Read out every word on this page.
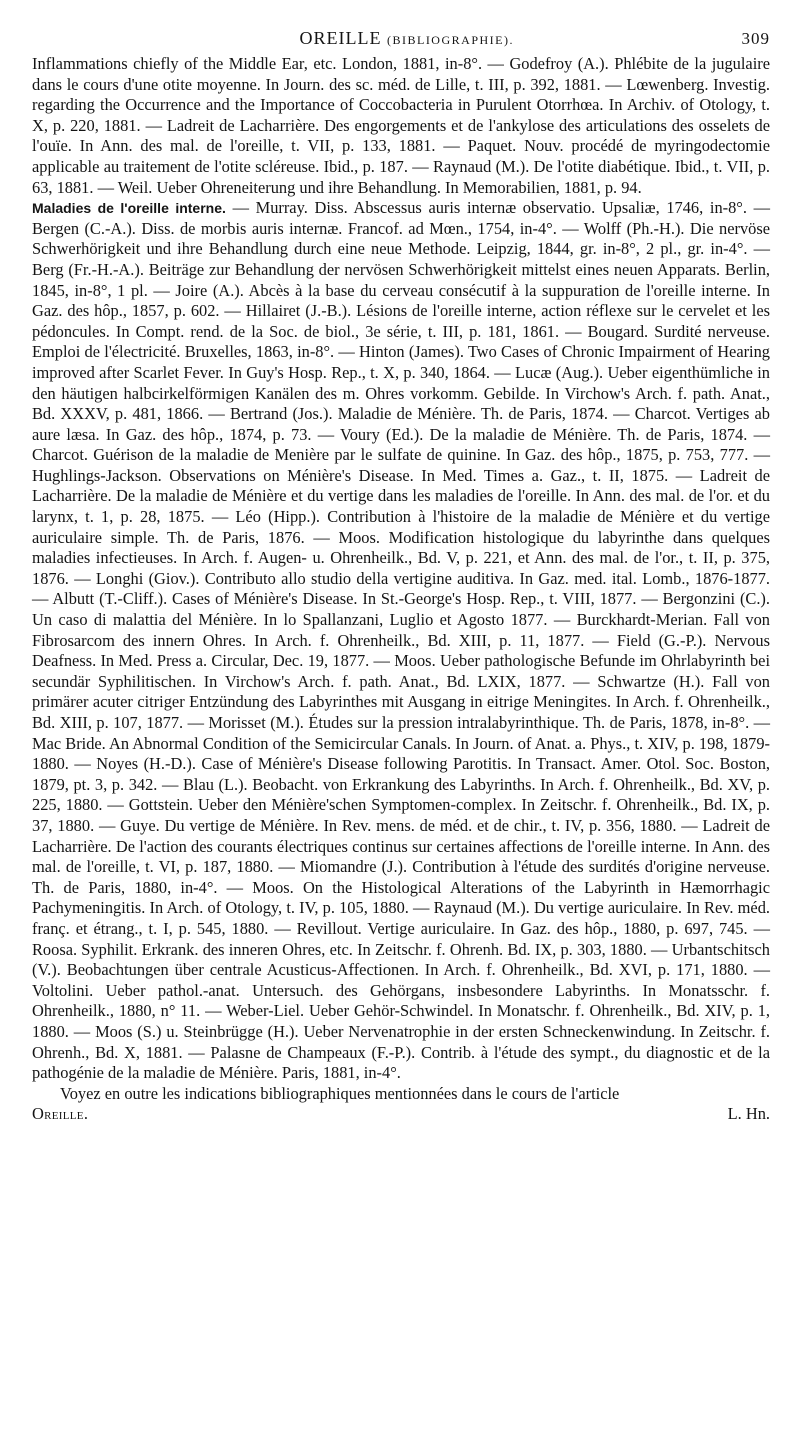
OREILLE (BIBLIOGRAPHIE).	309

Inflammations chiefly of the Middle Ear, etc. London, 1881, in-8°. — Godefroy (A.). Phlébite de la jugulaire dans le cours d'une otite moyenne. In Journ. des sc. méd. de Lille, t. III, p. 392, 1881. — Lœwenberg. Investig. regarding the Occurrence and the Importance of Coccobacteria in Purulent Otorrhœa. In Archiv. of Otology, t. X, p. 220, 1881. — Ladreit de Lacharrière. Des engorgements et de l'ankylose des articulations des osselets de l'ouïe. In Ann. des mal. de l'oreille, t. VII, p. 133, 1881. — Paquet. Nouv. procédé de myringodectomie applicable au traitement de l'otite scléreuse. Ibid., p. 187. — Raynaud (M.). De l'otite diabétique. Ibid., t. VII, p. 63, 1881. — Weil. Ueber Ohreneiterung und ihre Behandlung. In Memorabilien, 1881, p. 94.

Maladies de l'oreille interne. — Murray. Diss. Abscessus auris internæ observatio. Upsaliæ, 1746, in-8°. — Bergen (C.-A.). Diss. de morbis auris internæ. Francof. ad Mœn., 1754, in-4°. — Wolff (Ph.-H.). Die nervöse Schwerhörigkeit und ihre Behandlung durch eine neue Methode. Leipzig, 1844, gr. in-8°, 2 pl., gr. in-4°. — Berg (Fr.-H.-A.). Beiträge zur Behandlung der nervösen Schwerhörigkeit mittelst eines neuen Apparats. Berlin, 1845, in-8°, 1 pl. — Joire (A.). Abcès à la base du cerveau consécutif à la suppuration de l'oreille interne. In Gaz. des hôp., 1857, p. 602. — Hillairet (J.-B.). Lésions de l'oreille interne, action réflexe sur le cervelet et les pédoncules. In Compt. rend. de la Soc. de biol., 3e série, t. III, p. 181, 1861. — Bougard. Surdité nerveuse. Emploi de l'électricité. Bruxelles, 1863, in-8°. — Hinton (James). Two Cases of Chronic Impairment of Hearing improved after Scarlet Fever. In Guy's Hosp. Rep., t. X, p. 340, 1864. — Lucæ (Aug.). Ueber eigenthümliche in den häutigen halbcirkelförmigen Kanälen des m. Ohres vorkomm. Gebilde. In Virchow's Arch. f. path. Anat., Bd. XXXV, p. 481, 1866. — Bertrand (Jos.). Maladie de Ménière. Th. de Paris, 1874. — Charcot. Vertiges ab aure læsa. In Gaz. des hôp., 1874, p. 73. — Voury (Ed.). De la maladie de Ménière. Th. de Paris, 1874. — Charcot. Guérison de la maladie de Menière par le sulfate de quinine. In Gaz. des hôp., 1875, p. 753, 777. — Hughlings-Jackson. Observations on Ménière's Disease. In Med. Times a. Gaz., t. II, 1875. — Ladreit de Lacharrière. De la maladie de Ménière et du vertige dans les maladies de l'oreille. In Ann. des mal. de l'or. et du larynx, t. 1, p. 28, 1875. — Léo (Hipp.). Contribution à l'histoire de la maladie de Ménière et du vertige auriculaire simple. Th. de Paris, 1876. — Moos. Modification histologique du labyrinthe dans quelques maladies infectieuses. In Arch. f. Augen- u. Ohrenheilk., Bd. V, p. 221, et Ann. des mal. de l'or., t. II, p. 375, 1876. — Longhi (Giov.). Contributo allo studio della vertigine auditiva. In Gaz. med. ital. Lomb., 1876-1877. — Albutt (T.-Cliff.). Cases of Ménière's Disease. In St.-George's Hosp. Rep., t. VIII, 1877. — Bergonzini (C.). Un caso di malattia del Ménière. In lo Spallanzani, Luglio et Agosto 1877. — Burckhardt-Merian. Fall von Fibrosarcom des innern Ohres. In Arch. f. Ohrenheilk., Bd. XIII, p. 11, 1877. — Field (G.-P.). Nervous Deafness. In Med. Press a. Circular, Dec. 19, 1877. — Moos. Ueber pathologische Befunde im Ohrlabyrinth bei secundär Syphilitischen. In Virchow's Arch. f. path. Anat., Bd. LXIX, 1877. — Schwartze (H.). Fall von primärer acuter citriger Entzündung des Labyrinthes mit Ausgang in eitrige Meningites. In Arch. f. Ohrenheilk., Bd. XIII, p. 107, 1877. — Morisset (M.). Études sur la pression intralabyrinthique. Th. de Paris, 1878, in-8°. — Mac Bride. An Abnormal Condition of the Semicircular Canals. In Journ. of Anat. a. Phys., t. XIV, p. 198, 1879-1880. — Noyes (H.-D.). Case of Ménière's Disease following Parotitis. In Transact. Amer. Otol. Soc. Boston, 1879, pt. 3, p. 342. — Blau (L.). Beobacht. von Erkrankung des Labyrinths. In Arch. f. Ohrenheilk., Bd. XV, p. 225, 1880. — Gottstein. Ueber den Ménière'schen Symptomen-complex. In Zeitschr. f. Ohrenheilk., Bd. IX, p. 37, 1880. — Guye. Du vertige de Ménière. In Rev. mens. de méd. et de chir., t. IV, p. 356, 1880. — Ladreit de Lacharrière. De l'action des courants électriques continus sur certaines affections de l'oreille interne. In Ann. des mal. de l'oreille, t. VI, p. 187, 1880. — Miomandre (J.). Contribution à l'étude des surdités d'origine nerveuse. Th. de Paris, 1880, in-4°. — Moos. On the Histological Alterations of the Labyrinth in Hæmorrhagic Pachymeningitis. In Arch. of Otology, t. IV, p. 105, 1880. — Raynaud (M.). Du vertige auriculaire. In Rev. méd. franç. et étrang., t. I, p. 545, 1880. — Revillout. Vertige auriculaire. In Gaz. des hôp., 1880, p. 697, 745. — Roosa. Syphilit. Erkrank. des inneren Ohres, etc. In Zeitschr. f. Ohrenh. Bd. IX, p. 303, 1880. — Urbantschitsch (V.). Beobachtungen über centrale Acusticus-Affectionen. In Arch. f. Ohrenheilk., Bd. XVI, p. 171, 1880. — Voltolini. Ueber pathol.-anat. Untersuch. des Gehörgans, insbesondere Labyrinths. In Monatsschr. f. Ohrenheilk., 1880, n° 11. — Weber-Liel. Ueber Gehör-Schwindel. In Monatschr. f. Ohrenheilk., Bd. XIV, p. 1, 1880. — Moos (S.) u. Steinbrügge (H.). Ueber Nervenatrophie in der ersten Schneckenwindung. In Zeitschr. f. Ohrenh., Bd. X, 1881. — Palasne de Champeaux (F.-P.). Contrib. à l'étude des sympt., du diagnostic et de la pathogénie de la maladie de Ménière. Paris, 1881, in-4°.

Voyez en outre les indications bibliographiques mentionnées dans le cours de l'article

Oreille.	L. Hn.
